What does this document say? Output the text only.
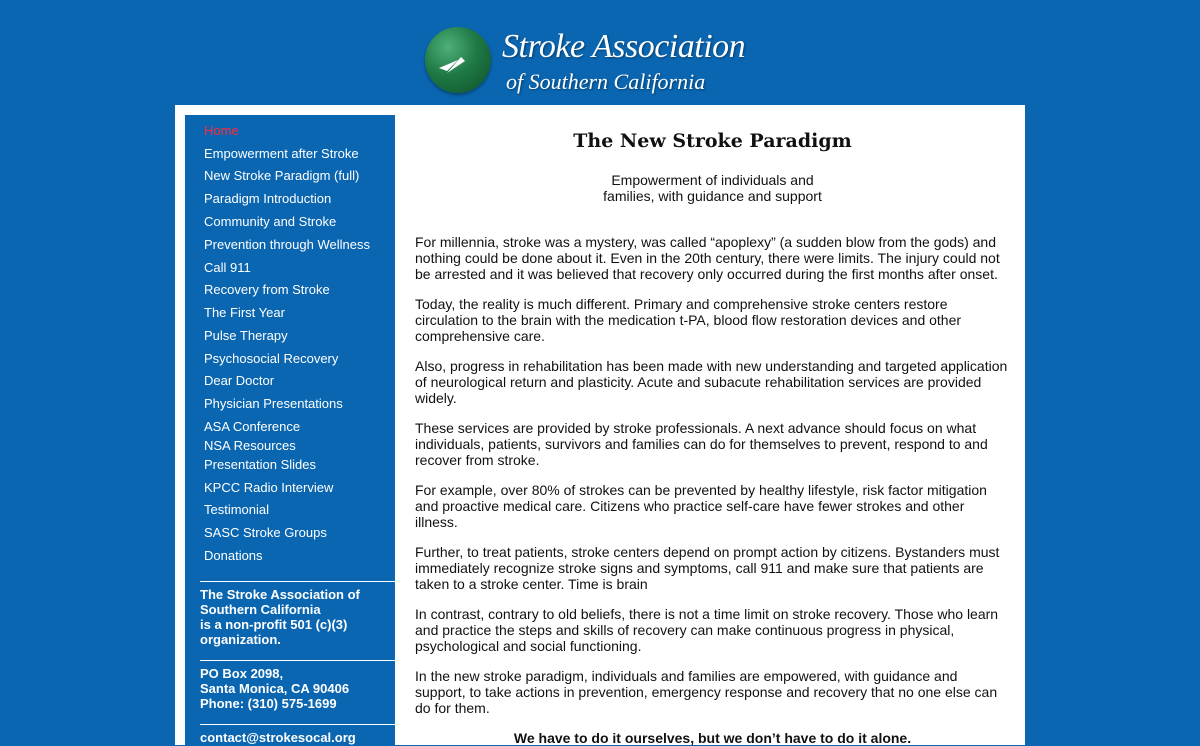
Stroke Association
of Southern California
Home
Empowerment after Stroke
New Stroke Paradigm (full)
Paradigm Introduction
Community and Stroke
Prevention through Wellness
Call 911
Recovery from Stroke
The First Year
Pulse Therapy
Psychosocial Recovery
Dear Doctor
Physician Presentations
ASA Conference
NSA Resources
Presentation Slides
KPCC Radio Interview
Testimonial
SASC Stroke Groups
Donations
The Stroke Association of
Southern California
is a non-profit 501 (c)(3)
organization.
PO Box 2098,
Santa Monica, CA 90406
Phone: (310) 575-1699
contact@strokesocal.org
The New Stroke Paradigm
Empowerment of individuals and
families, with guidance and support

For millennia, stroke was a mystery, was called “apoplexy” (a sudden blow from the gods) and nothing could be done about it. Even in the 20th century, there were limits. The injury could not be arrested and it was believed that recovery only occurred during the first months after onset.

Today, the reality is much different. Primary and comprehensive stroke centers restore circulation to the brain with the medication t-PA, blood flow restoration devices and other comprehensive care.

Also, progress in rehabilitation has been made with new understanding and targeted application of neurological return and plasticity. Acute and subacute rehabilitation services are provided widely.

These services are provided by stroke professionals. A next advance should focus on what individuals, patients, survivors and families can do for themselves to prevent, respond to and recover from stroke.

For example, over 80% of strokes can be prevented by healthy lifestyle, risk factor mitigation and proactive medical care. Citizens who practice self-care have fewer strokes and other illness.

Further, to treat patients, stroke centers depend on prompt action by citizens. Bystanders must immediately recognize stroke signs and symptoms, call 911 and make sure that patients are taken to a stroke center. Time is brain

In contrast, contrary to old beliefs, there is not a time limit on stroke recovery. Those who learn and practice the steps and skills of recovery can make continuous progress in physical, psychological and social functioning.

In the new stroke paradigm, individuals and families are empowered, with guidance and support, to take actions in prevention, emergency response and recovery that no one else can do for them.

We have to do it ourselves, but we don’t have to do it alone.
